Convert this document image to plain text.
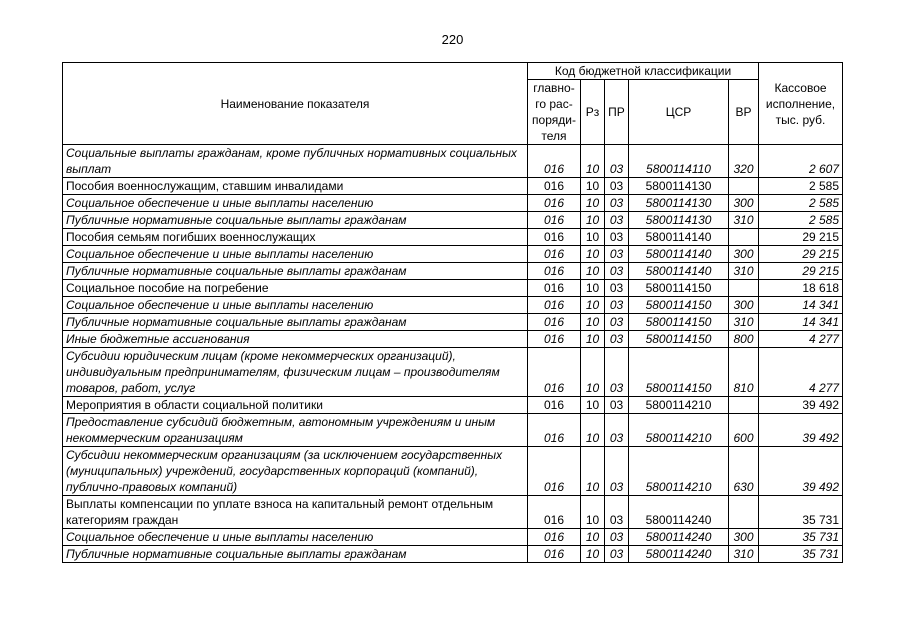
220
Наименование показателя	Код бюджетной классификации					Кассовое исполнение, тыс. руб.
	главно-го рас-поряди-теля	Рз	ПР	ЦСР	ВР	
Социальные выплаты гражданам, кроме публичных нормативных социальных выплат	016	10	03	5800114110	320	2 607
Пособия военнослужащим, ставшим инвалидами	016	10	03	5800114130		2 585
Социальное обеспечение и иные выплаты населению	016	10	03	5800114130	300	2 585
Публичные нормативные социальные выплаты гражданам	016	10	03	5800114130	310	2 585
Пособия семьям погибших военнослужащих	016	10	03	5800114140		29 215
Социальное обеспечение и иные выплаты населению	016	10	03	5800114140	300	29 215
Публичные нормативные социальные выплаты гражданам	016	10	03	5800114140	310	29 215
Социальное пособие на погребение	016	10	03	5800114150		18 618
Социальное обеспечение и иные выплаты населению	016	10	03	5800114150	300	14 341
Публичные нормативные социальные выплаты гражданам	016	10	03	5800114150	310	14 341
Иные бюджетные ассигнования	016	10	03	5800114150	800	4 277
Субсидии юридическим лицам (кроме некоммерческих организаций), индивидуальным предпринимателям, физическим лицам – производителям товаров, работ, услуг	016	10	03	5800114150	810	4 277
Мероприятия в области социальной политики	016	10	03	5800114210		39 492
Предоставление субсидий бюджетным, автономным учреждениям и иным некоммерческим организациям	016	10	03	5800114210	600	39 492
Субсидии некоммерческим организациям (за исключением государственных (муниципальных) учреждений, государственных корпораций (компаний), публично-правовых компаний)	016	10	03	5800114210	630	39 492
Выплаты компенсации по уплате взноса на капитальный ремонт отдельным категориям граждан	016	10	03	5800114240		35 731
Социальное обеспечение и иные выплаты населению	016	10	03	5800114240	300	35 731
Публичные нормативные социальные выплаты гражданам	016	10	03	5800114240	310	35 731
